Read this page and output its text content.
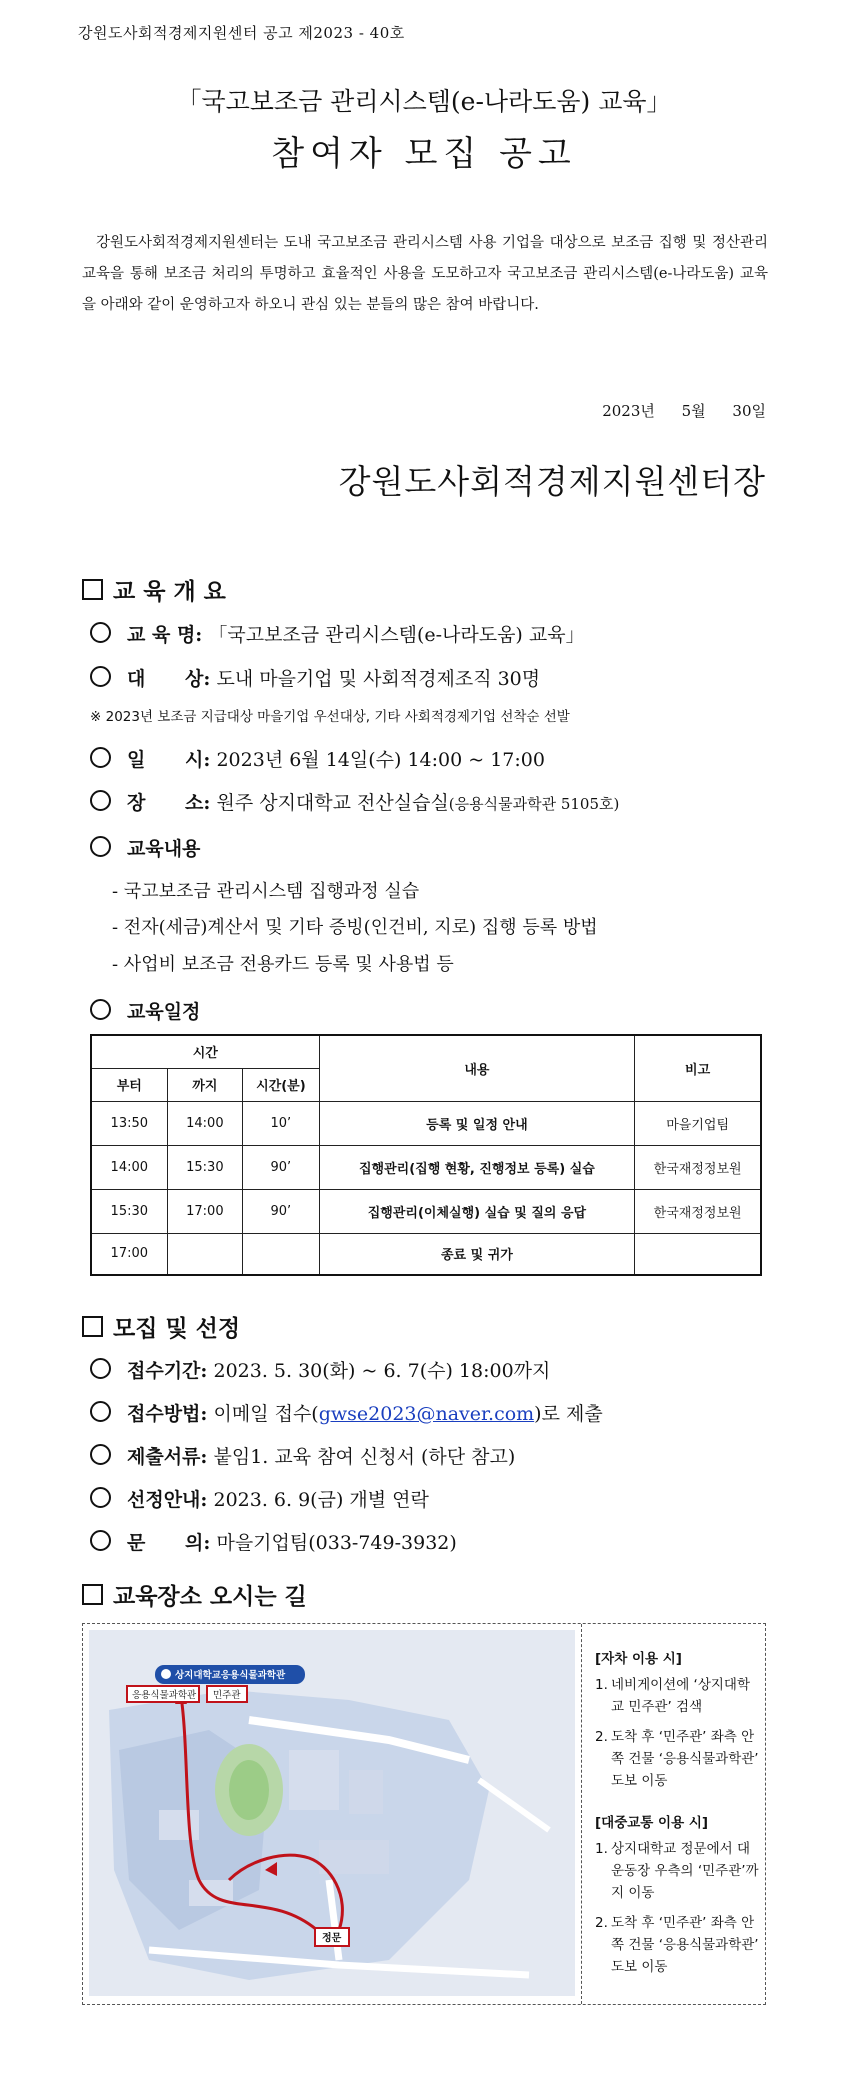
강원도사회적경제지원센터 공고 제2023 - 40호
「국고보조금 관리시스템(e-나라도움) 교육」
참여자 모집 공고
강원도사회적경제지원센터는 도내 국고보조금 관리시스템 사용 기업을 대상으로 보조금 집행 및 정산관리 교육을 통해 보조금 처리의 투명하고 효율적인 사용을 도모하고자 국고보조금 관리시스템(e-나라도움) 교육을 아래와 같이 운영하고자 하오니 관심 있는 분들의 많은 참여 바랍니다.
2023년 5월 30일
강원도사회적경제지원센터장
교 육 개 요
교 육 명: 「국고보조금 관리시스템(e-나라도움) 교육」
대      상: 도내 마을기업 및 사회적경제조직 30명
※ 2023년 보조금 지급대상 마을기업 우선대상, 기타 사회적경제기업 선착순 선발
일      시: 2023년 6월 14일(수) 14:00 ~ 17:00
장      소: 원주 상지대학교 전산실습실(응용식물과학관 5105호)
교육내용
- 국고보조금 관리시스템 집행과정 실습
- 전자(세금)계산서 및 기타 증빙(인건비, 지로) 집행 등록 방법
- 사업비 보조금 전용카드 등록 및 사용법 등
교육일정
시간			내용	비고
부터	까지	시간(분)		
13:50	14:00	10’	등록 및 일정 안내	마을기업팀
14:00	15:30	90’	집행관리(집행 현황, 진행정보 등록) 실습	한국재정정보원
15:30	17:00	90’	집행관리(이체실행) 실습 및 질의 응답	한국재정정보원
17:00			종료 및 귀가	
모집 및 선정
접수기간: 2023. 5. 30(화) ~ 6. 7(수) 18:00까지
접수방법: 이메일 접수(gwse2023@naver.com)로 제출
제출서류: 붙임1. 교육 참여 신청서 (하단 참고)
선정안내: 2023. 6. 9(금) 개별 연락
문      의: 마을기업팀(033-749-3932)
교육장소 오시는 길
상지대학교응용식물과학관
응용식물과학관 민주관
정문
[자차 이용 시]
1. 네비게이션에 ‘상지대학교 민주관’ 검색
2. 도착 후 ‘민주관’ 좌측 안쪽 건물 ‘응용식물과학관’ 도보 이동
[대중교통 이용 시]
1. 상지대학교 정문에서 대운동장 우측의 ‘민주관’까지 이동
2. 도착 후 ‘민주관’ 좌측 안쪽 건물 ‘응용식물과학관’ 도보 이동
